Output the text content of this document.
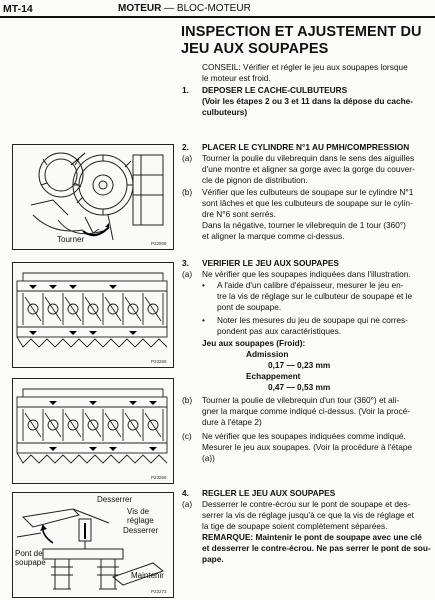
MT-14	MOTEUR — BLOC-MOTEUR
INSPECTION ET AJUSTEMENT DU
JEU AUX SOUPAPES
CONSEIL: Vérifier et régler le jeu aux soupapes lorsque
le moteur est froid.
1. DEPOSER LE CACHE-CULBUTEURS
(Voir les étapes 2 ou 3 et 11 dans la dépose du cache-
culbuteurs)
2. PLACER LE CYLINDRE N°1 AU PMH/COMPRESSION
(a) Tourner la poulie du vilebrequin dans le sens des aiguilles
d'une montre et aligner sa gorge avec la gorge du couver-
cle de pignon de distribution.
(b) Vérifier que les culbuteurs de soupape sur le cylindre N°1
sont lâches et que les culbuteurs de soupape sur le cylin-
dre N°6 sont serrés.
Dans la négative, tourner le vilebrequin de 1 tour (360°)
et aligner la marque comme ci-dessus.
3. VERIFIER LE JEU AUX SOUPAPES
(a) Ne vérifier que les soupapes indiquées dans l'illustration.
• A l'aide d'un calibre d'épaisseur, mesurer le jeu en-
tre la vis de réglage sur le culbuteur de soupape et le
pont de soupape.
• Noter les mesures du jeu de soupape qui ne corres-
pondent pas aux caractéristiques.
Jeu aux soupapes (Froid):
Admission
0,17 — 0,23 mm
Echappement
0,47 — 0,53 mm
(b) Tourner la poulie de vilebrequin d'un tour (360°) et ali-
gner la marque comme indiqué ci-dessus. (Voir la procé-
dure à l'étape 2)
(c) Ne vérifier que les soupapes indiquées comme indiqué.
Mesurer le jeu aux soupapes. (Voir la procédure à l'étape
(a))
4. REGLER LE JEU AUX SOUPAPES
(a) Desserrer le contre-écrou sur le pont de soupape et des-
serrer la vis de réglage jusqu'à ce que la vis de réglage et
la tige de soupape soient complètement séparées.
REMARQUE: Maintenir le pont de soupape avec une clé
et desserrer le contre-écrou. Ne pas serrer le pont de sou-
pape.
Tourner	P22808
P23268
P23269
Desserrer
Vis de
réglage
Desserrer
Pont de
soupape
Maintenir
P23273
